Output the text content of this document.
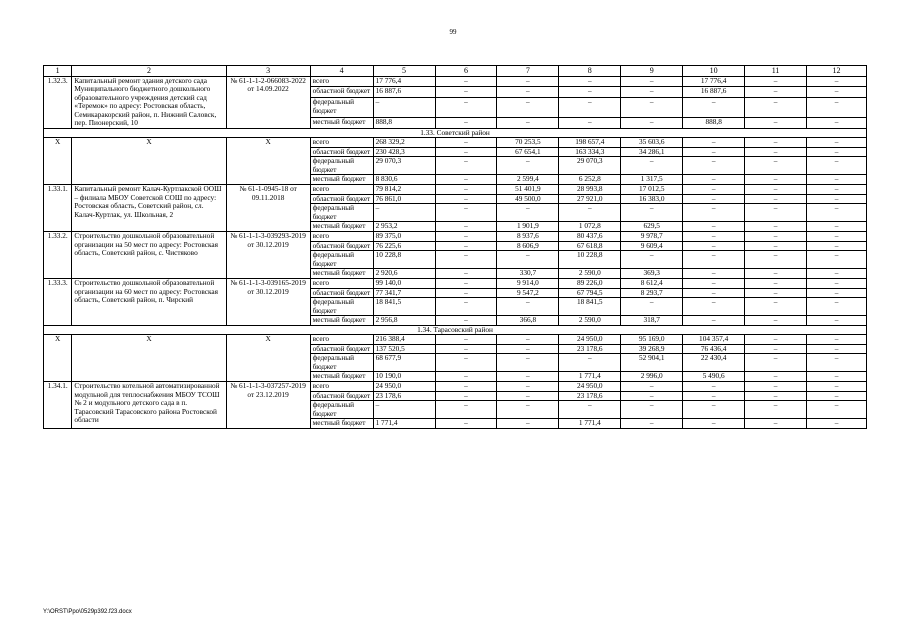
99
1	2	3	4	5	6	7	8	9	10	11	12
1.32.3.	Капитальный ремонт здания детского сада Муниципального бюджетного дошкольного образовательного учреждения детский сад «Теремок» по адресу: Ростовская область, Семикаракорский район, п. Нижний Саловск, пер. Пионерский, 10	№ 61-1-1-2-066083-2022 от 14.09.2022	всего	17 776,4	–	–	–	–	17 776,4	–	–
			областной бюджет	16 887,6	–	–	–	–	16 887,6	–	–
			федеральный бюджет	–	–	–	–	–	–	–	–
			местный бюджет	888,8	–	–	–	–	888,8	–	–
1.33. Советский район											
Х	Х	Х	всего	268 329,2	–	70 253,5	198 657,4	35 603,6	–	–	–
			областной бюджет	230 428,3	–	67 654,1	163 334,3	34 286,1	–	–	–
			федеральный бюджет	29 070,3	–	–	29 070,3	–	–	–	–
			местный бюджет	8 830,6	–	2 599,4	6 252,8	1 317,5	–	–	–
1.33.1.	Капитальный ремонт Калач-Куртлакской ООШ – филиала МБОУ Советской СОШ по адресу: Ростовская область, Советский район, сл. Калач-Куртлак, ул. Школьная, 2	№ 61-1-0945-18 от 09.11.2018	всего	79 814,2	–	51 401,9	28 993,8	17 012,5	–	–	–
			областной бюджет	76 861,0	–	49 500,0	27 921,0	16 383,0	–	–	–
			федеральный бюджет	–	–	–	–	–	–	–	–
			местный бюджет	2 953,2	–	1 901,9	1 072,8	629,5	–	–	–
1.33.2.	Строительство дошкольной образовательной организации на 50 мест по адресу: Ростовская область, Советский район, с. Чистяково	№ 61-1-1-3-039293-2019 от 30.12.2019	всего	89 375,0	–	8 937,6	80 437,6	9 978,7	–	–	–
			областной бюджет	76 225,6	–	8 606,9	67 618,8	9 609,4	–	–	–
			федеральный бюджет	10 228,8	–	–	10 228,8	–	–	–	–
			местный бюджет	2 920,6	–	330,7	2 590,0	369,3	–	–	–
1.33.3.	Строительство дошкольной образовательной организации на 60 мест по адресу: Ростовская область, Советский район, п. Чирский	№ 61-1-1-3-039165-2019 от 30.12.2019	всего	99 140,0	–	9 914,0	89 226,0	8 612,4	–	–	–
			областной бюджет	77 341,7	–	9 547,2	67 794,5	8 293,7	–	–	–
			федеральный бюджет	18 841,5	–	–	18 841,5	–	–	–	–
			местный бюджет	2 956,8	–	366,8	2 590,0	318,7	–	–	–
1.34. Тарасовский район											
Х	Х	Х	всего	216 388,4	–	–	24 950,0	95 169,0	104 357,4	–	–
			областной бюджет	137 520,5	–	–	23 178,6	39 268,9	76 436,4	–	–
			федеральный бюджет	68 677,9	–	–	–	52 904,1	22 430,4	–	–
			местный бюджет	10 190,0	–	–	1 771,4	2 996,0	5 490,6	–	–
1.34.1.	Строительство котельной автоматизированной модульной для теплоснабжения МБОУ ТСОШ № 2 и модульного детского сада в п. Тарасовский Тарасовского района Ростовской области	№ 61-1-1-3-037257-2019 от 23.12.2019	всего	24 950,0	–	–	24 950,0	–	–	–	–
			областной бюджет	23 178,6	–	–	23 178,6	–	–	–	–
			федеральный бюджет	–	–	–	–	–	–	–	–
			местный бюджет	1 771,4	–	–	1 771,4	–	–	–	–
Y:\ORST\Ppo\0529p392.f23.docx
